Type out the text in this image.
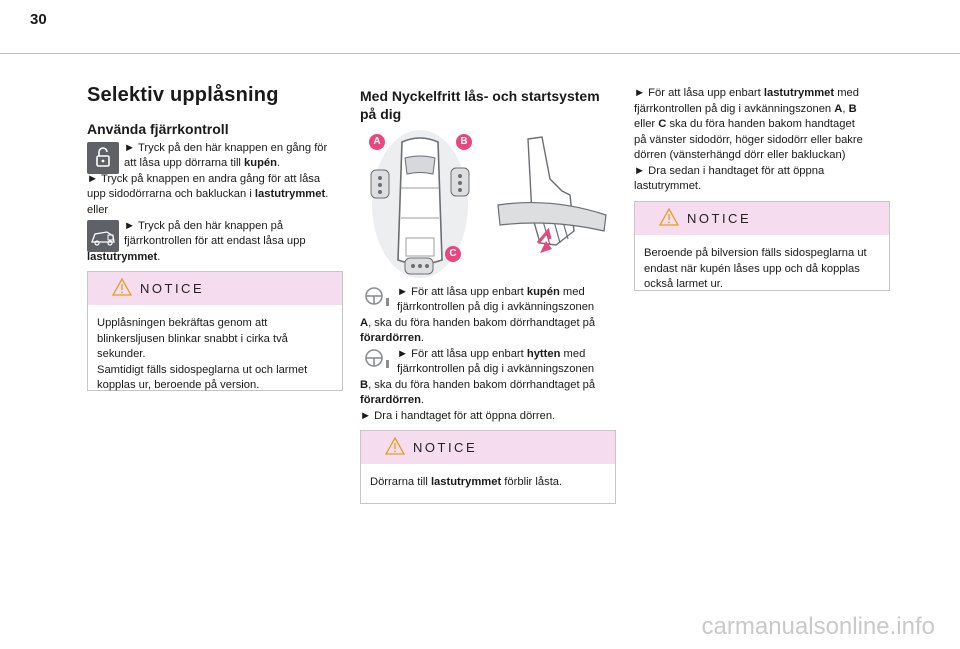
30
Selektiv upplåsning
Använda fjärrkontroll
► Tryck på den här knappen en gång för
att låsa upp dörrarna till kupén.
► Tryck på knappen en andra gång för att låsa
upp sidodörrarna och bakluckan i lastutrymmet.
eller
► Tryck på den här knappen på
fjärrkontrollen för att endast låsa upp
lastutrymmet.
NOTICE
Upplåsningen bekräftas genom att
blinkersljusen blinkar snabbt i cirka två
sekunder.
Samtidigt fälls sidospeglarna ut och larmet
kopplas ur, beroende på version.
Med Nyckelfritt lås- och startsystem
på dig
A	B
C
► För att låsa upp enbart kupén med
fjärrkontrollen på dig i avkänningszonen
A, ska du föra handen bakom dörrhandtaget på
förardörren.
► För att låsa upp enbart hytten med
fjärrkontrollen på dig i avkänningszonen
B, ska du föra handen bakom dörrhandtaget på
förardörren.
► Dra i handtaget för att öppna dörren.
NOTICE
Dörrarna till lastutrymmet förblir låsta.
► För att låsa upp enbart lastutrymmet med
fjärrkontrollen på dig i avkänningszonen A, B
eller C ska du föra handen bakom handtaget
på vänster sidodörr, höger sidodörr eller bakre
dörren (vänsterhängd dörr eller bakluckan)
► Dra sedan i handtaget för att öppna
lastutrymmet.
NOTICE
Beroende på bilversion fälls sidospeglarna ut
endast när kupén låses upp och då kopplas
också larmet ur.
carmanualsonline.info
